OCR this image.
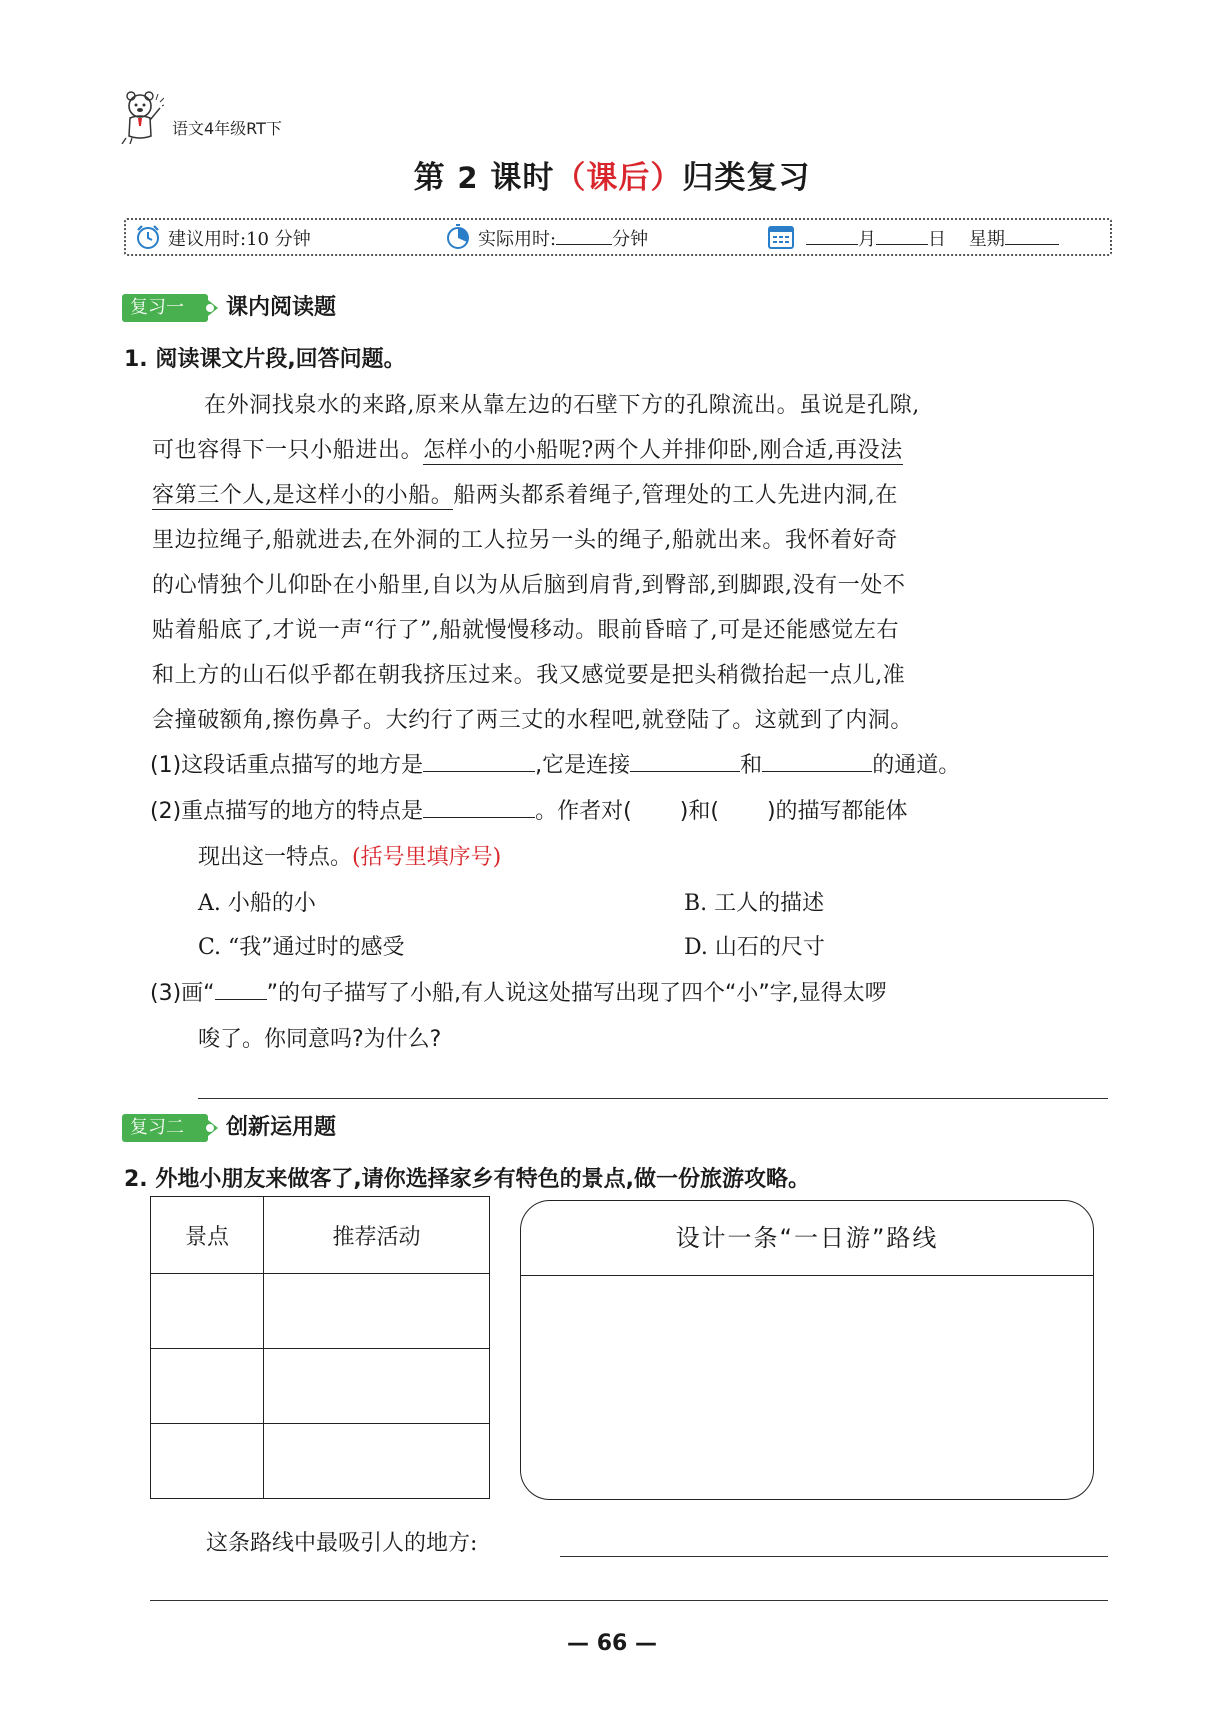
语文4年级RT下
第 2 课时（课后）归类复习
建议用时:10 分钟	实际用时:	分钟	月	日 星期
复习一	课内阅读题
1. 阅读课文片段,回答问题。
在外洞找泉水的来路,原来从靠左边的石壁下方的孔隙流出。虽说是孔隙,
可也容得下一只小船进出。怎样小的小船呢?两个人并排仰卧,刚合适,再没法
容第三个人,是这样小的小船。船两头都系着绳子,管理处的工人先进内洞,在
里边拉绳子,船就进去,在外洞的工人拉另一头的绳子,船就出来。我怀着好奇
的心情独个儿仰卧在小船里,自以为从后脑到肩背,到臀部,到脚跟,没有一处不
贴着船底了,才说一声“行了”,船就慢慢移动。眼前昏暗了,可是还能感觉左右
和上方的山石似乎都在朝我挤压过来。我又感觉要是把头稍微抬起一点儿,准
会撞破额角,擦伤鼻子。大约行了两三丈的水程吧,就登陆了。这就到了内洞。
(1)这段话重点描写的地方是	,它是连接	和	的通道。
(2)重点描写的地方的特点是	。作者对( )和( )的描写都能体
现出这一特点。(括号里填序号)
A. 小船的小	B. 工人的描述
C. “我”通过时的感受	D. 山石的尺寸
(3)画“ ”的句子描写了小船,有人说这处描写出现了四个“小”字,显得太啰
唆了。你同意吗?为什么?
复习二	创新运用题
2. 外地小朋友来做客了,请你选择家乡有特色的景点,做一份旅游攻略。
景点	推荐活动

		设计一条“一日游”路线
这条路线中最吸引人的地方:
— 66 —
